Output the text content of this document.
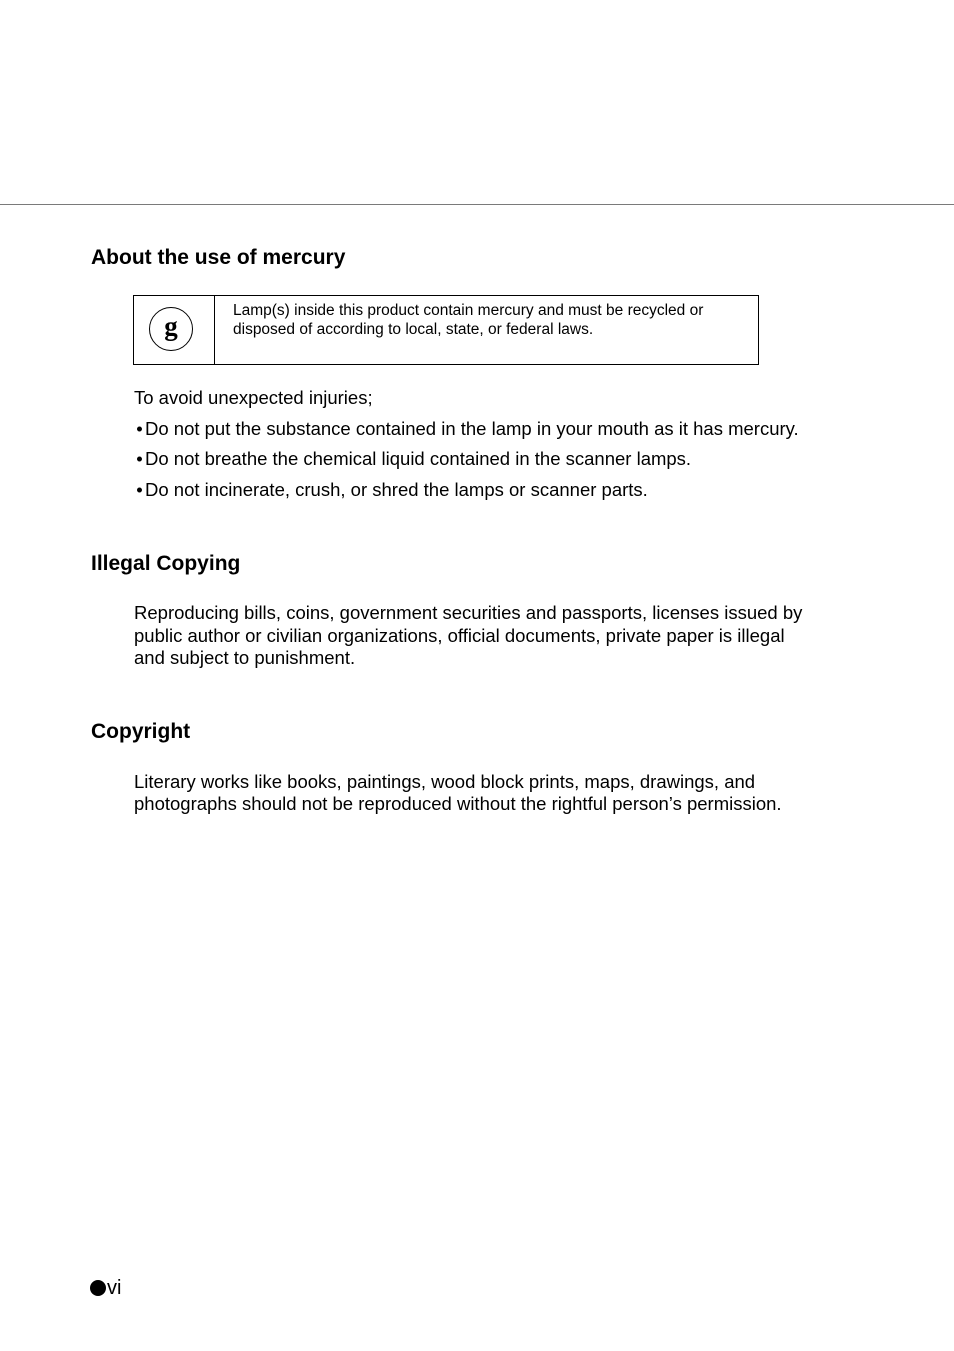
About the use of mercury
g	Lamp(s) inside this product contain mercury and must be recycled or disposed of according to local, state, or federal laws.

To avoid unexpected injuries;

• Do not put the substance contained in the lamp in your mouth as it has mercury.

• Do not breathe the chemical liquid contained in the scanner lamps.

• Do not incinerate, crush, or shred the lamps or scanner parts.

Illegal Copying

Reproducing bills, coins, government securities and passports, licenses issued by

public author or civilian organizations, official documents, private paper is illegal

and subject to punishment.

Copyright

Literary works like books, paintings, wood block prints, maps, drawings, and

photographs should not be reproduced without the rightful person’s permission.

vi
